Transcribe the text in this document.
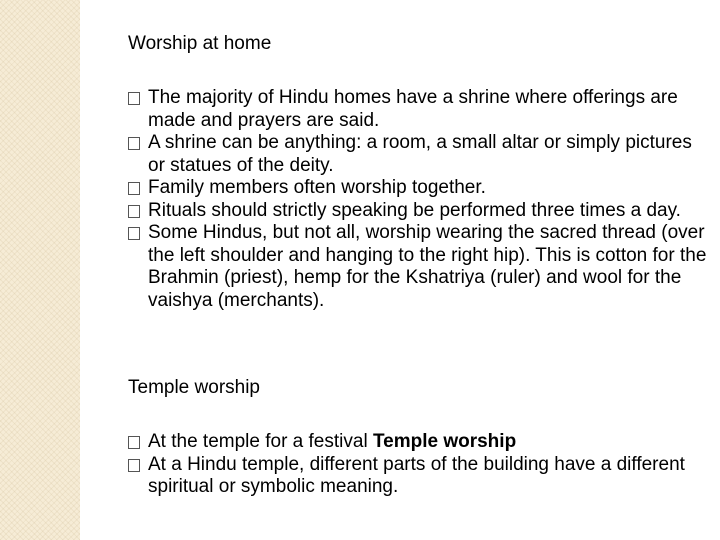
Worship at home
The majority of Hindu homes have a shrine where offerings are made and prayers are said.
A shrine can be anything: a room, a small altar or simply pictures or statues of the deity.
Family members often worship together.
Rituals should strictly speaking be performed three times a day.
Some Hindus, but not all, worship wearing the sacred thread (over the left shoulder and hanging to the right hip). This is cotton for the Brahmin (priest), hemp for the Kshatriya (ruler) and wool for the vaishya (merchants).
Temple worship
At the temple for a festival Temple worship
At a Hindu temple, different parts of the building have a different spiritual or symbolic meaning.
